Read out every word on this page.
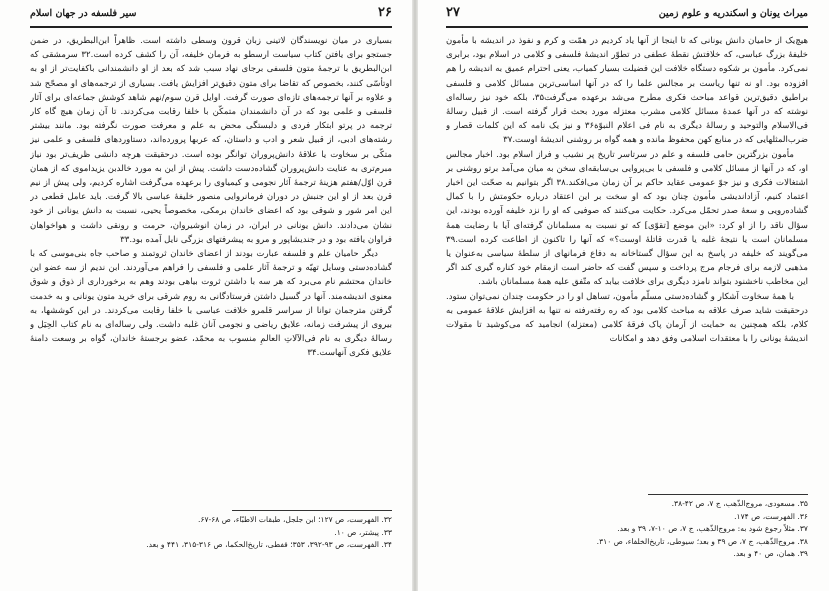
۲۶
سیر فلسفه در جهان اسلام

بسیاری در میان نویسندگان لاتینی زبان قرون وسطی داشته است. ظاهراً ابن‌البطریق، در ضمن جستجو برای یافتن کتاب سیاست ارسطو به فرمان خلیفه، آن را کشف کرده است.۳۲ سرمشقی که ابن‌البطریق با ترجمهٔ متون فلسفی برجای نهاد سبب شد که بعد از او دانشمندانی باکفایت‌تر از او به اوتأسّی کنند، بخصوص که تقاضا برای متون دقیق‌تر افزایش یافت. بسیاری از ترجمه‌های او مصحّح شد و علاوه بر آنها ترجمه‌های تازه‌ای صورت گرفت. اوایل قرن سوم/نهم شاهد کوشش جماعه‌ای برای آثار فلسفی و علمی بود که در آن دانشمندان متمکّن با خلفا رقابت می‌کردند. تا آن زمان هیچ گاه کار ترجمه در پرتو ابتکار فردی و دلبستگی محض به علم و معرفت صورت نگرفته بود. مانند بیشتر رشته‌های ادبی، از قبیل شعر و ادب و داستان، که عربها پرورده‌اند، دستاوردهای فلسفی و علمی نیز متکّی بر سخاوت یا علاقهٔ دانش‌پروران توانگر بوده است. درحقیقت هرچه دانشی ظریف‌تر بود نیاز مبرم‌تری به عنایت دانش‌پروران گشاده‌دست داشت. پیش از این به مورد خالدبن یزیداموی که از همان قرن اوّل/هفتم هزینهٔ ترجمهٔ آثار نجومی و کیمیاوی را برعهده می‌گرفت اشاره کردیم، ولی پیش از نیم قرن بعد از او این جنبش در دوران فرمانروایی منصور خلیفهٔ عباسی بالا گرفت. باید عامل قطعی در این امر شور و شوقی بود که اعضای خاندان برمکی، مخصوصاً یحیی، نسبت به دانش یونانی از خود نشان می‌دادند. دانش یونانی در ایران، در زمان انوشیروان، حرمت و رونقی داشت و هواخواهان فراوان یافته بود و در جندیشاپور و مرو به پیشرفتهای بزرگی نایل آمده بود.۳۳

دیگر حامیان علم و فلسفه عبارت بودند از اعضای خاندان ثروتمند و صاحب جاه بنی‌موسی که با گشاده‌دستی وسایل تهیّه و ترجمهٔ آثار علمی و فلسفی را فراهم می‌آوردند. ابن ندیم از سه عضو این خاندان محتشم نام می‌برد که هر سه با داشتن ثروت بیاهی بودند وهم به برخورداری از ذوق و شوق معنوی اندیشه‌مند. آنها در گسیل داشتن فرستادگانی به روم شرقی برای خرید متون یونانی و به خدمت گرفتن مترجمان توانا از سراسر قلمرو خلافت عباسی با خلفا رقابت می‌کردند. در این کوششها، به بیروی از پیشرفت زمانه، علایق ریاضی و نجومی آنان غلبه داشت. ولی رساله‌ای به نام کتاب الحِیَل و رسالهٔ دیگری به نام فی‌الآلاتِ العالمِ منسوب به محمّد، عضو برجستهٔ خاندان، گواه بر وسعت دامنهٔ علایق فکری آنهاست.۳۴

۳۲. الفهرست، ص ۱۲۷؛ ابن جلجل، طبقات الاطبّاء، ص ۶۸-۶۷.
۳۳. پیشتر، ص ۱۰.
۳۴. الفهرست، ص ۹۳-۳۹۲، ۳۵۳؛ قفطی، تاریخ‌الحکما، ص ۳۱۶-۳۱۵، ۴۴۱ و بعد.
میراث یونان و اسکندریه و علوم زمین
۲۷

هیچ‌یک از حامیان دانش یونانی که تا اینجا از آنها یاد کردیم در همّت و کرم و نفوذ در اندیشه با مأمون خلیفهٔ بزرگ عباسی، که خلافتش نقطهٔ عطفی در تطوّر اندیشهٔ فلسفی و کلامی در اسلام بود، برابری نمی‌کرد. مأمون بر شکوه دستگاه خلافت این فضیلت بسیار کمیاب، یعنی احترام عمیق به اندیشه را هم افزوده بود. او نه تنها ریاست بر مجالس علما را که در آنها اساسی‌ترین مسائل کلامی و فلسفی براطیق دقیق‌ترین قواعد مباحث فکری مطرح می‌شد برعهده می‌گرفت۳۵، بلکه خود نیز رساله‌ای نوشته که در آنها عمدهٔ مسائل کلامی مشرب معتزله مورد بحث قرار گرفته است. از قبیل رسالهٔ فی‌الاسلام والتوحید و رسالهٔ دیگری به نام فی اعلام النبوّة۳۶ و نیز یک نامه که این کلمات قصار و ضرب‌المثلهایی که در منابع کهن محفوظ مانده و همه گواه بر روشنی اندیشهٔ اوست.۳۷

مأمون بزرگترین حامی فلسفه و علم در سرتاسر تاریخ پر نشیب و فراز اسلام بود. اخبار مجالس او، که در آنها از مسائل کلامی و فلسفی با بی‌پروایی بی‌سابقه‌ای سخن به میان می‌آمد برتو روشنی بر اشتغالات فکری و نیز جوّ عمومی عقاید حاکم بر آن زمان می‌افکند.۳۸ اگر بتوانیم به صحّت این اخبار اعتماد کنیم، آزاداندیشی مأمون چنان بود که او سخت بر این اعتقاد درباره حکومتش را با کمال گشاده‌رویی و سعهٔ صدر تحمّل می‌کرد. حکایت می‌کنند که صوفیی که او را نزد خلیفه آورده بودند، این سؤال ناقد را از او کرد: «این موضع [تقوّی] که تو نسبت به مسلمانان گرفته‌ای آیا با رضایت همهٔ مسلمانان است یا نتیجهٔ غلبه یا قدرت قاتلهٔ اوست؟» که آنها را تاکنون از اطاعت کرده است.۳۹ می‌گویند که خلیفه در پاسخ به این سؤال گستاخانه به دفاع فرمانهای از سلطهٔ سیاسی به‌عنوان یا مذهبی لازمه برای فرجام مرج پرداخت و سپس گفت که حاضر است ازمقام خود کناره گیری کند اگر این مخاطب ناخشنود بتواند نامزد دیگری برای خلافت بیابد که متّفق علیه همهٔ مسلمانان باشد.

با همهٔ سخاوت آشکار و گشاده‌دستی مسلّم مأمون، تساهل او را در حکومت چندان نمی‌توان ستود. درحقیقت شاید صرف علاقه به مباحث کلامی بود که ره رفته‌رفته نه تنها به افزایش علاقهٔ عمومی به کلام، بلکه همچنین به حمایت از آرمان پاک فرقهٔ کلامی (معتزله) انجامید که می‌کوشید تا مقولات اندیشهٔ یونانی را با معتقدات اسلامی وفق دهد و امکانات

۳۵. مسعودی، مروج‌الذّهب، ج ۷، ص ۴۲-۳۸.
۳۶. الفهرست، ص ۱۷۴.
۳۷. مثلاً رجوع شود به: مروج‌الذّهب، ج ۷، ص ۱۰-۷، ۳۹ و بعد.
۳۸. مروج‌الذّهب، ج ۷، ص ۳۹ و بعد؛ سیوطی، تاریخ‌الخلفاء، ص ۳۱۰.
۳۹. همان، ص ۴۰ و بعد.
